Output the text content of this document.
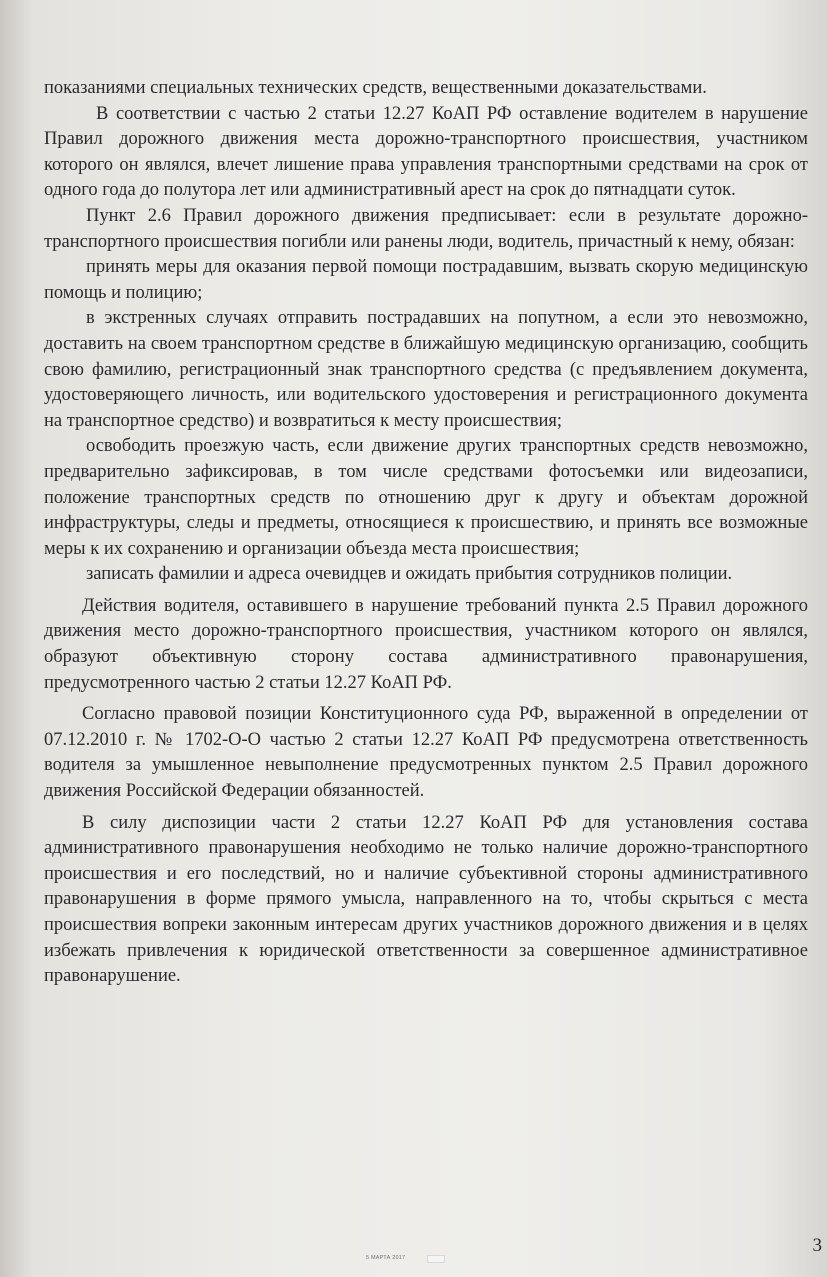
показаниями специальных технических средств, вещественными доказательствами.

В соответствии с частью 2 статьи 12.27 КоАП РФ оставление водителем в нарушение Правил дорожного движения места дорожно-транспортного происшествия, участником которого он являлся, влечет лишение права управления транспортными средствами на срок от одного года до полутора лет или административный арест на срок до пятнадцати суток.

Пункт 2.6 Правил дорожного движения предписывает: если в результате дорожно-транспортного происшествия погибли или ранены люди, водитель, причастный к нему, обязан:

принять меры для оказания первой помощи пострадавшим, вызвать скорую медицинскую помощь и полицию;

в экстренных случаях отправить пострадавших на попутном, а если это невозможно, доставить на своем транспортном средстве в ближайшую медицинскую организацию, сообщить свою фамилию, регистрационный знак транспортного средства (с предъявлением документа, удостоверяющего личность, или водительского удостоверения и регистрационного документа на транспортное средство) и возвратиться к месту происшествия;

освободить проезжую часть, если движение других транспортных средств невозможно, предварительно зафиксировав, в том числе средствами фотосъемки или видеозаписи, положение транспортных средств по отношению друг к другу и объектам дорожной инфраструктуры, следы и предметы, относящиеся к происшествию, и принять все возможные меры к их сохранению и организации объезда места происшествия;

записать фамилии и адреса очевидцев и ожидать прибытия сотрудников полиции.

Действия водителя, оставившего в нарушение требований пункта 2.5 Правил дорожного движения место дорожно-транспортного происшествия, участником которого он являлся, образуют объективную сторону состава административного правонарушения, предусмотренного частью 2 статьи 12.27 КоАП РФ.

Согласно правовой позиции Конституционного суда РФ, выраженной в определении от 07.12.2010 г. № 1702-О-О частью 2 статьи 12.27 КоАП РФ предусмотрена ответственность водителя за умышленное невыполнение предусмотренных пунктом 2.5 Правил дорожного движения Российской Федерации обязанностей.

В силу диспозиции части 2 статьи 12.27 КоАП РФ для установления состава административного правонарушения необходимо не только наличие дорожно-транспортного происшествия и его последствий, но и наличие субъективной стороны административного правонарушения в форме прямого умысла, направленного на то, чтобы скрыться с места происшествия вопреки законным интересам других участников дорожного движения и в целях избежать привлечения к юридической ответственности за совершенное административное правонарушение.

5 МАРТА 2017
3
